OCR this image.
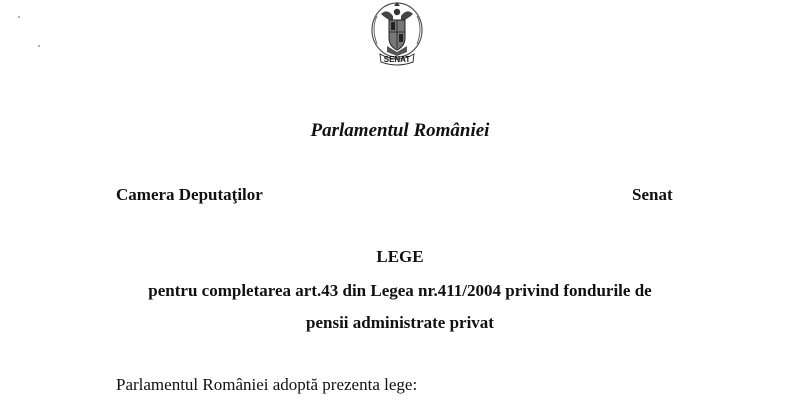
SENAT
Parlamentul României
Camera Deputaţilor	Senat
LEGE
pentru completarea art.43 din Legea nr.411/2004 privind fondurile de
pensii administrate privat
Parlamentul României adoptă prezenta lege:
